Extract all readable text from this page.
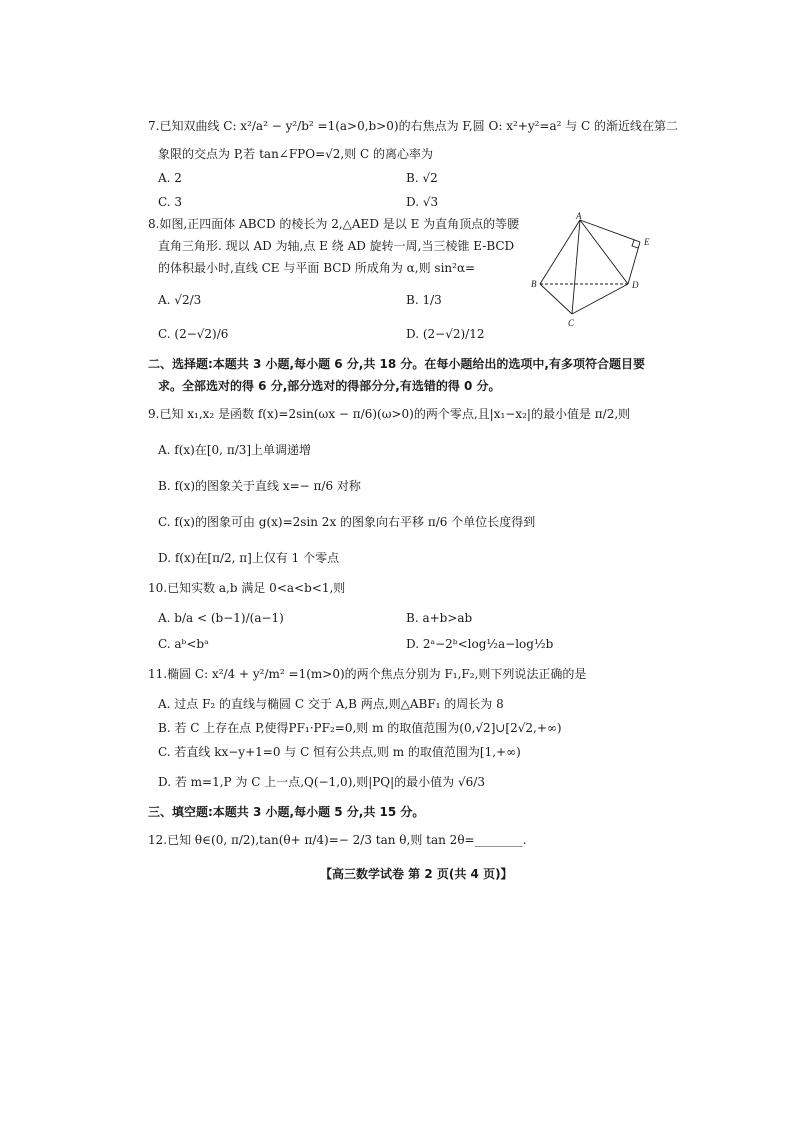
7.已知双曲线 C: x²/a² − y²/b² =1(a>0,b>0)的右焦点为 F,圆 O: x²+y²=a² 与 C 的渐近线在第二
象限的交点为 P,若 tan∠FPO=√2,则 C 的离心率为
A. 2	B. √2
C. 3	D. √3
8.如图,正四面体 ABCD 的棱长为 2,△AED 是以 E 为直角顶点的等腰
直角三角形. 现以 AD 为轴,点 E 绕 AD 旋转一周,当三棱锥 E-BCD
的体积最小时,直线 CE 与平面 BCD 所成角为 α,则 sin²α=
A. √2/3	B. 1/3
C. (2−√2)/6	D. (2−√2)/12
A
E
B	D
C
二、选择题:本题共 3 小题,每小题 6 分,共 18 分。在每小题给出的选项中,有多项符合题目要
求。全部选对的得 6 分,部分选对的得部分分,有选错的得 0 分。
9.已知 x₁,x₂ 是函数 f(x)=2sin(ωx − π/6)(ω>0)的两个零点,且|x₁−x₂|的最小值是 π/2,则
A. f(x)在[0, π/3]上单调递增
B. f(x)的图象关于直线 x=− π/6 对称
C. f(x)的图象可由 g(x)=2sin 2x 的图象向右平移 π/6 个单位长度得到
D. f(x)在[π/2, π]上仅有 1 个零点
10.已知实数 a,b 满足 0<a<b<1,则
A. b/a < (b−1)/(a−1)	B. a+b>ab
C. aᵇ<bᵃ	D. 2ᵃ−2ᵇ<log½a−log½b
11.椭圆 C: x²/4 + y²/m² =1(m>0)的两个焦点分别为 F₁,F₂,则下列说法正确的是
A. 过点 F₂ 的直线与椭圆 C 交于 A,B 两点,则△ABF₁ 的周长为 8
B. 若 C 上存在点 P,使得PF₁·PF₂=0,则 m 的取值范围为(0,√2]∪[2√2,+∞)
C. 若直线 kx−y+1=0 与 C 恒有公共点,则 m 的取值范围为[1,+∞)
D. 若 m=1,P 为 C 上一点,Q(−1,0),则|PQ|的最小值为 √6/3
三、填空题:本题共 3 小题,每小题 5 分,共 15 分。
12.已知 θ∈(0, π/2),tan(θ+ π/4)=− 2/3 tan θ,则 tan 2θ=________.
【高三数学试卷 第 2 页(共 4 页)】
